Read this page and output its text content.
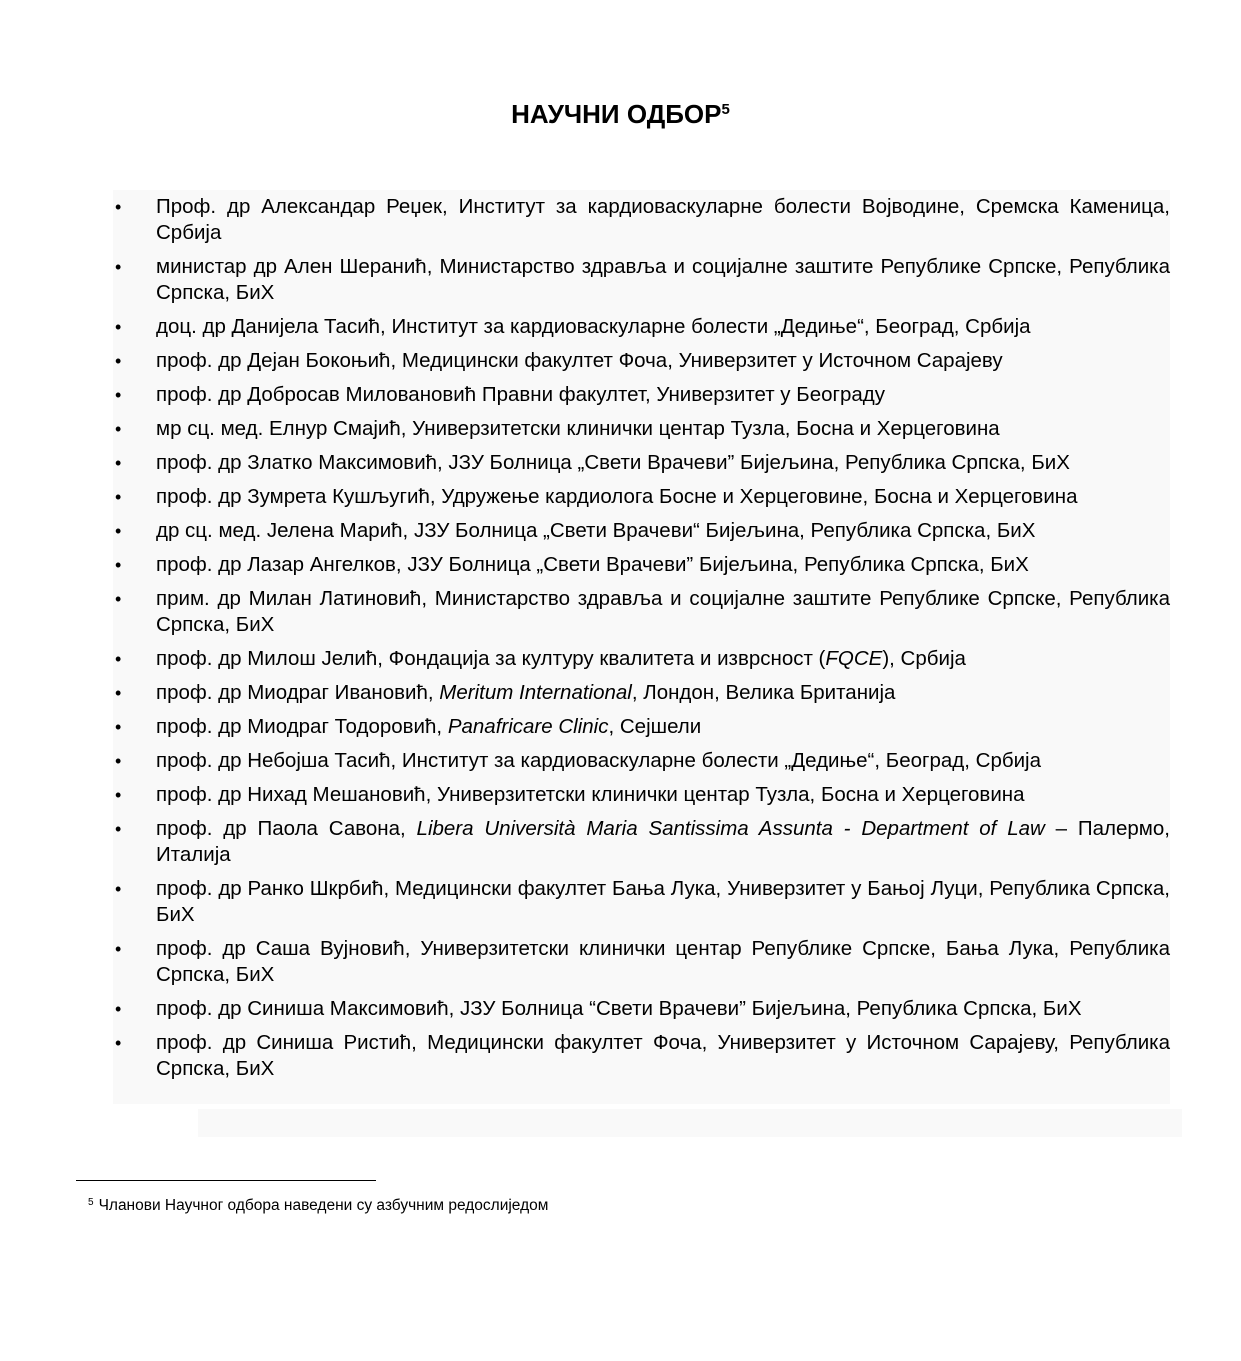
НАУЧНИ ОДБОР$^5$
• Проф. др Александар Реџек, Институт за кардиоваскуларне болести Војводине, Сремска Каменица, Србија
• министар др Ален Шеранић, Министарство здравља и социјалне заштите Републике Српске, Република Српска, БиХ
• доц. др Данијела Тасић, Институт за кардиоваскуларне болести „Дедиње“, Београд, Србија
• проф. др Дејан Бокоњић, Медицински факултет Фоча, Универзитет у Источном Сарајеву
• проф. др Добросав Миловановић Правни факултет, Универзитет у Београду
• мр сц. мед. Елнур Смајић, Универзитетски клинички центар Тузла, Босна и Херцеговина
• проф. др Златко Максимовић, ЈЗУ Болница „Свети Врачеви” Бијељина, Република Српска, БиХ
• проф. др Зумрета Кушљугић, Удружење кардиолога Босне и Херцеговине, Босна и Херцеговина
• др сц. мед. Јелена Марић, ЈЗУ Болница „Свети Врачеви“ Бијељина, Република Српска, БиХ
• проф. др Лазар Ангелков, ЈЗУ Болница „Свети Врачеви” Бијељина, Република Српска, БиХ
• прим. др Милан Латиновић, Министарство здравља и социјалне заштите Републике Српске, Република Српска, БиХ
• проф. др Милош Јелић, Фондација за културу квалитета и изврсност (FQCE), Србија
• проф. др Миодраг Ивановић, Meritum International, Лондон, Велика Британија
• проф. др Миодраг Тодоровић, Panafricare Clinic, Сејшели
• проф. др Небојша Тасић, Институт за кардиоваскуларне болести „Дедиње“, Београд, Србија
• проф. др Нихад Мешановић, Универзитетски клинички центар Тузла, Босна и Херцеговина
• проф. др Паола Савона, Libera Università Maria Santissima Assunta - Department of Law – Палермо, Италија
• проф. др Ранко Шкрбић, Медицински факултет Бања Лука, Универзитет у Бањој Луци, Република Српска, БиХ
• проф. др Саша Вујновић, Универзитетски клинички центар Републике Српске, Бања Лука, Република Српска, БиХ
• проф. др Синиша Максимовић, ЈЗУ Болница “Свети Врачеви” Бијељина, Република Српска, БиХ
• проф. др Синиша Ристић, Медицински факултет Фоча, Универзитет у Источном Сарајеву, Република Српска, БиХ
$^5$ Чланови Научног одбора наведени су азбучним редослиједом
